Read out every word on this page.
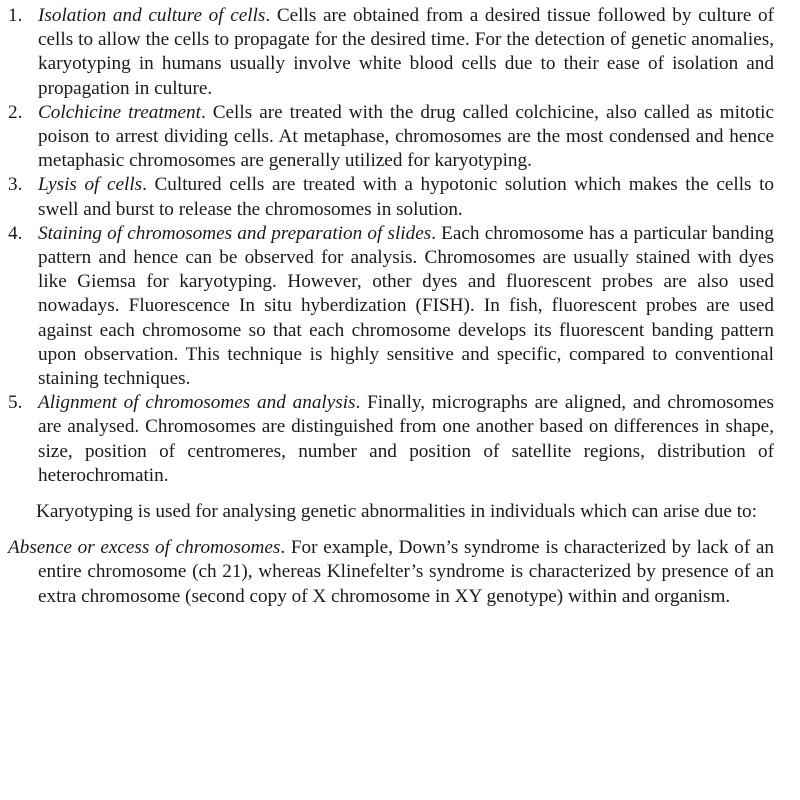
1. Isolation and culture of cells. Cells are obtained from a desired tissue followed by culture of cells to allow the cells to propagate for the desired time. For the detection of genetic anomalies, karyotyping in humans usually involve white blood cells due to their ease of isolation and propagation in culture.
2. Colchicine treatment. Cells are treated with the drug called colchicine, also called as mitotic poison to arrest dividing cells. At metaphase, chromosomes are the most condensed and hence metaphasic chromosomes are generally utilized for karyotyping.
3. Lysis of cells. Cultured cells are treated with a hypotonic solution which makes the cells to swell and burst to release the chromosomes in solution.
4. Staining of chromosomes and preparation of slides. Each chromosome has a particular banding pattern and hence can be observed for analysis. Chromosomes are usually stained with dyes like Giemsa for karyotyping. However, other dyes and fluorescent probes are also used nowadays. Fluorescence In situ hyberdization (FISH). In fish, fluorescent probes are used against each chromosome so that each chromosome develops its fluorescent banding pattern upon observation. This technique is highly sensitive and specific, compared to conventional staining techniques.
5. Alignment of chromosomes and analysis. Finally, micrographs are aligned, and chromosomes are analysed. Chromosomes are distinguished from one another based on differences in shape, size, position of centromeres, number and position of satellite regions, distribution of heterochromatin.

Karyotyping is used for analysing genetic abnormalities in individuals which can arise due to:

Absence or excess of chromosomes. For example, Down’s syndrome is characterized by lack of an entire chromosome (ch 21), whereas Klinefelter’s syndrome is characterized by presence of an extra chromosome (second copy of X chromosome in XY genotype) within and organism.
